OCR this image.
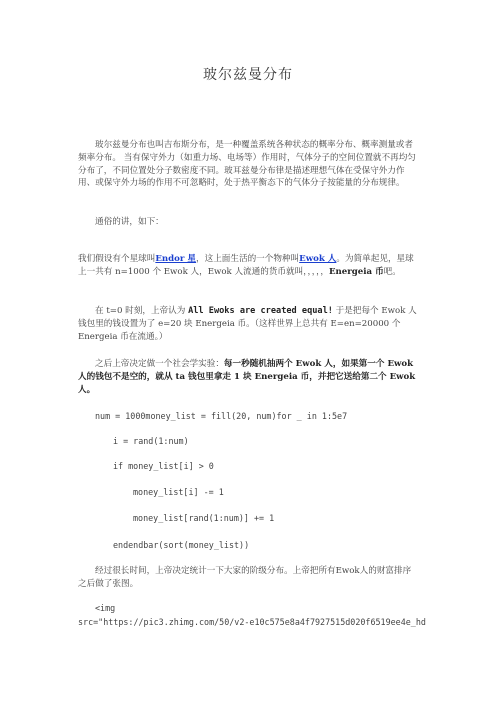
玻尔兹曼分布

玻尔兹曼分布也叫吉布斯分布，是一种覆盖系统各种状态的概率分布、概率测量或者频率分布。 当有保守外力（如重力场、电场等）作用时，气体分子的空间位置就不再均匀分布了，不同位置处分子数密度不同。玻耳兹曼分布律是描述理想气体在受保守外力作用、或保守外力场的作用不可忽略时，处于热平衡态下的气体分子按能量的分布规律。

通俗的讲，如下：

我们假设有个星球叫Endor 星，这上面生活的一个物种叫Ewok 人。为简单起见，星球上一共有 n=1000 个 Ewok 人，Ewok 人流通的货币就叫，，，，，Energeia 币吧。

在 t=0 时刻，上帝认为 All Ewoks are created equal! 于是把每个 Ewok 人钱包里的钱设置为了 e=20 块 Energeia 币。（这样世界上总共有 E=en=20000 个 Energeia 币在流通。）

之后上帝决定做一个社会学实验：每一秒随机抽两个 Ewok 人，如果第一个 Ewok 人的钱包不是空的，就从 ta 钱包里拿走 1 块 Energeia 币，并把它送给第二个 Ewok 人。

num = 1000money_list = fill(20, num)for _ in 1:5e7
i = rand(1:num)
if money_list[i] > 0
money_list[i] -= 1
money_list[rand(1:num)] += 1
endendbar(sort(money_list))

经过很长时间，上帝决定统计一下大家的阶级分布。上帝把所有Ewok人的财富排序之后做了张图。

<img
src="https://pic3.zhimg.com/50/v2-e10c575e8a4f7927515d020f6519ee4e_hd
